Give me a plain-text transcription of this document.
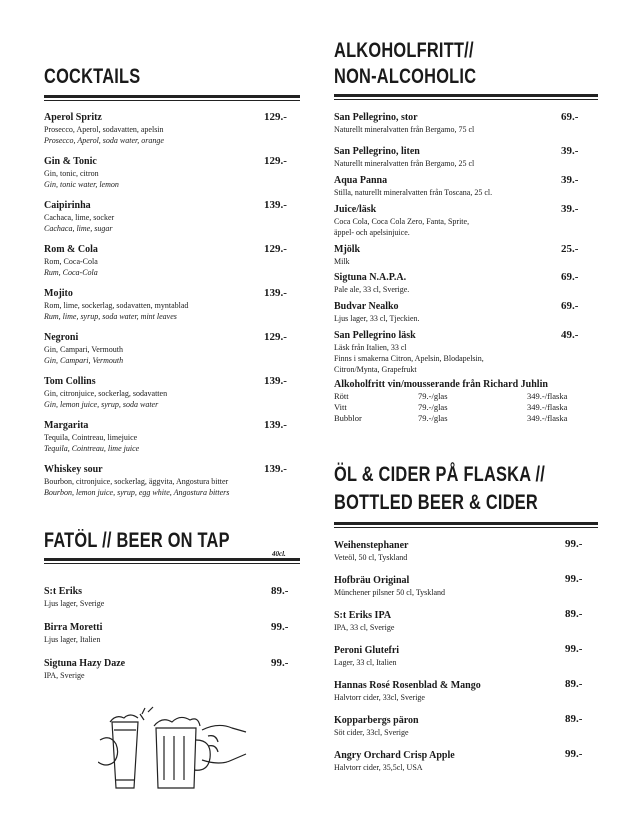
COCKTAILS
Aperol Spritz
Prosecco, Aperol, sodavatten, apelsin
Prosecco, Aperol, soda water, orange
129.-
Gin & Tonic
Gin, tonic, citron
Gin, tonic water, lemon
129.-
Caipirinha
Cachaca, lime, socker
Cachaca, lime, sugar
139.-
Rom & Cola
Rom, Coca-Cola
Rum, Coca-Cola
129.-
Mojito
Rom, lime, sockerlag, sodavatten, myntablad
Rum, lime, syrup, soda water, mint leaves
139.-
Negroni
Gin, Campari, Vermouth
Gin, Campari, Vermouth
129.-
Tom Collins
Gin, citronjuice, sockerlag, sodavatten
Gin, lemon juice, syrup, soda water
139.-
Margarita
Tequila, Cointreau, limejuice
Tequila, Cointreau, lime juice
139.-
Whiskey sour
Bourbon, citronjuice, sockerlag, äggvita, Angostura bitter
Bourbon, lemon juice, syrup, egg white, Angostura bitters
139.-
FATÖL // BEER ON TAP
40cl.
S:t Eriks
Ljus lager, Sverige
89.-
Birra Moretti
Ljus lager, Italien
99.-
Sigtuna Hazy Daze
IPA, Sverige
99.-
ALKOHOLFRITT//
NON-ALCOHOLIC
San Pellegrino, stor
Naturellt mineralvatten från Bergamo, 75 cl
69.-
San Pellegrino, liten
Naturellt mineralvatten från Bergamo, 25 cl
39.-
Aqua Panna
Stilla, naturellt mineralvatten från Toscana, 25 cl.
39.-
Juice/läsk
Coca Cola, Coca Cola Zero, Fanta, Sprite,
äppel- och apelsinjuice.
39.-
Mjölk
Milk
25.-
Sigtuna N.A.P.A.
Pale ale, 33 cl, Sverige.
69.-
Budvar Nealko
Ljus lager, 33 cl, Tjeckien.
69.-
San Pellegrino läsk
Läsk från Italien, 33 cl
Finns i smakerna Citron, Apelsin, Blodapelsin,
Citron/Mynta, Grapefrukt
49.-
Alkoholfritt vin/mousserande från Richard Juhlin
Rött	79.-/glas	349.-/flaska
Vitt	79.-/glas	349.-/flaska
Bubblor	79.-/glas	349.-/flaska
ÖL & CIDER PÅ FLASKA //
BOTTLED BEER & CIDER
Weihenstephaner
Veteöl, 50 cl, Tyskland
99.-
Hofbräu Original
Münchener pilsner 50 cl, Tyskland
99.-
S:t Eriks IPA
IPA, 33 cl, Sverige
89.-
Peroni Glutefri
Lager, 33 cl, Italien
99.-
Hannas Rosé Rosenblad & Mango
Halvtorr cider, 33cl, Sverige
89.-
Kopparbergs päron
Söt cider, 33cl, Sverige
89.-
Angry Orchard Crisp Apple
Halvtorr cider, 35,5cl, USA
99.-
